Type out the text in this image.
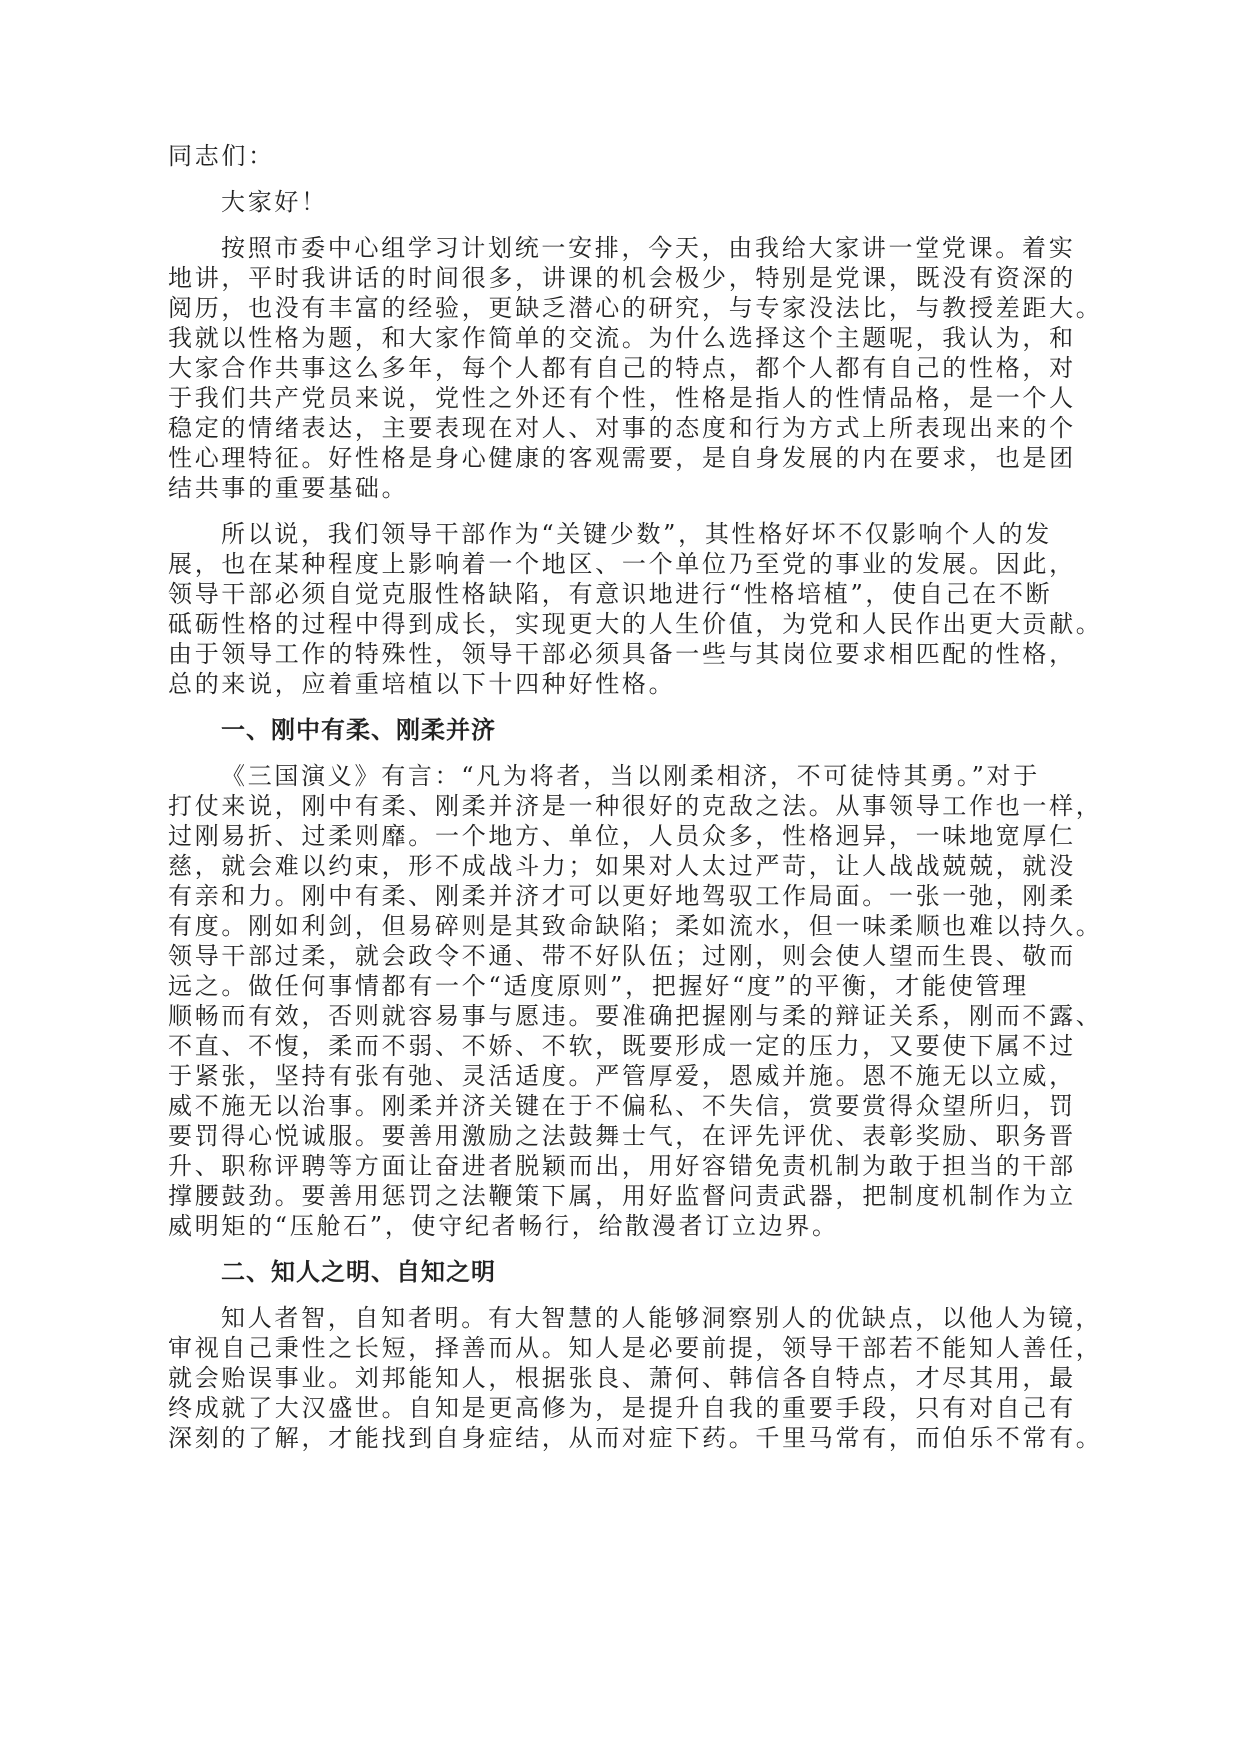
同志们：
大家好！
按照市委中心组学习计划统一安排，今天，由我给大家讲一堂党课。着实
地讲，平时我讲话的时间很多，讲课的机会极少，特别是党课，既没有资深的
阅历，也没有丰富的经验，更缺乏潜心的研究，与专家没法比，与教授差距大。
我就以性格为题，和大家作简单的交流。为什么选择这个主题呢，我认为，和
大家合作共事这么多年，每个人都有自己的特点，都个人都有自己的性格，对
于我们共产党员来说，党性之外还有个性，性格是指人的性情品格，是一个人
稳定的情绪表达，主要表现在对人、对事的态度和行为方式上所表现出来的个
性心理特征。好性格是身心健康的客观需要，是自身发展的内在要求，也是团
结共事的重要基础。
所以说，我们领导干部作为“关键少数”，其性格好坏不仅影响个人的发
展，也在某种程度上影响着一个地区、一个单位乃至党的事业的发展。因此，
领导干部必须自觉克服性格缺陷，有意识地进行“性格培植”，使自己在不断
砥砺性格的过程中得到成长，实现更大的人生价值，为党和人民作出更大贡献。
由于领导工作的特殊性，领导干部必须具备一些与其岗位要求相匹配的性格，
总的来说，应着重培植以下十四种好性格。
一、刚中有柔、刚柔并济
《三国演义》有言：“凡为将者，当以刚柔相济，不可徒恃其勇。”对于
打仗来说，刚中有柔、刚柔并济是一种很好的克敌之法。从事领导工作也一样，
过刚易折、过柔则靡。一个地方、单位，人员众多，性格迥异，一味地宽厚仁
慈，就会难以约束，形不成战斗力；如果对人太过严苛，让人战战兢兢，就没
有亲和力。刚中有柔、刚柔并济才可以更好地驾驭工作局面。一张一弛，刚柔
有度。刚如利剑，但易碎则是其致命缺陷；柔如流水，但一味柔顺也难以持久。
领导干部过柔，就会政令不通、带不好队伍；过刚，则会使人望而生畏、敬而
远之。做任何事情都有一个“适度原则”，把握好“度”的平衡，才能使管理
顺畅而有效，否则就容易事与愿违。要准确把握刚与柔的辩证关系，刚而不露、
不直、不愎，柔而不弱、不娇、不软，既要形成一定的压力，又要使下属不过
于紧张，坚持有张有弛、灵活适度。严管厚爱，恩威并施。恩不施无以立威，
威不施无以治事。刚柔并济关键在于不偏私、不失信，赏要赏得众望所归，罚
要罚得心悦诚服。要善用激励之法鼓舞士气，在评先评优、表彰奖励、职务晋
升、职称评聘等方面让奋进者脱颖而出，用好容错免责机制为敢于担当的干部
撑腰鼓劲。要善用惩罚之法鞭策下属，用好监督问责武器，把制度机制作为立
威明矩的“压舱石”，使守纪者畅行，给散漫者订立边界。
二、知人之明、自知之明
知人者智，自知者明。有大智慧的人能够洞察别人的优缺点，以他人为镜，
审视自己秉性之长短，择善而从。知人是必要前提，领导干部若不能知人善任，
就会贻误事业。刘邦能知人，根据张良、萧何、韩信各自特点，才尽其用，最
终成就了大汉盛世。自知是更高修为，是提升自我的重要手段，只有对自己有
深刻的了解，才能找到自身症结，从而对症下药。千里马常有，而伯乐不常有。
